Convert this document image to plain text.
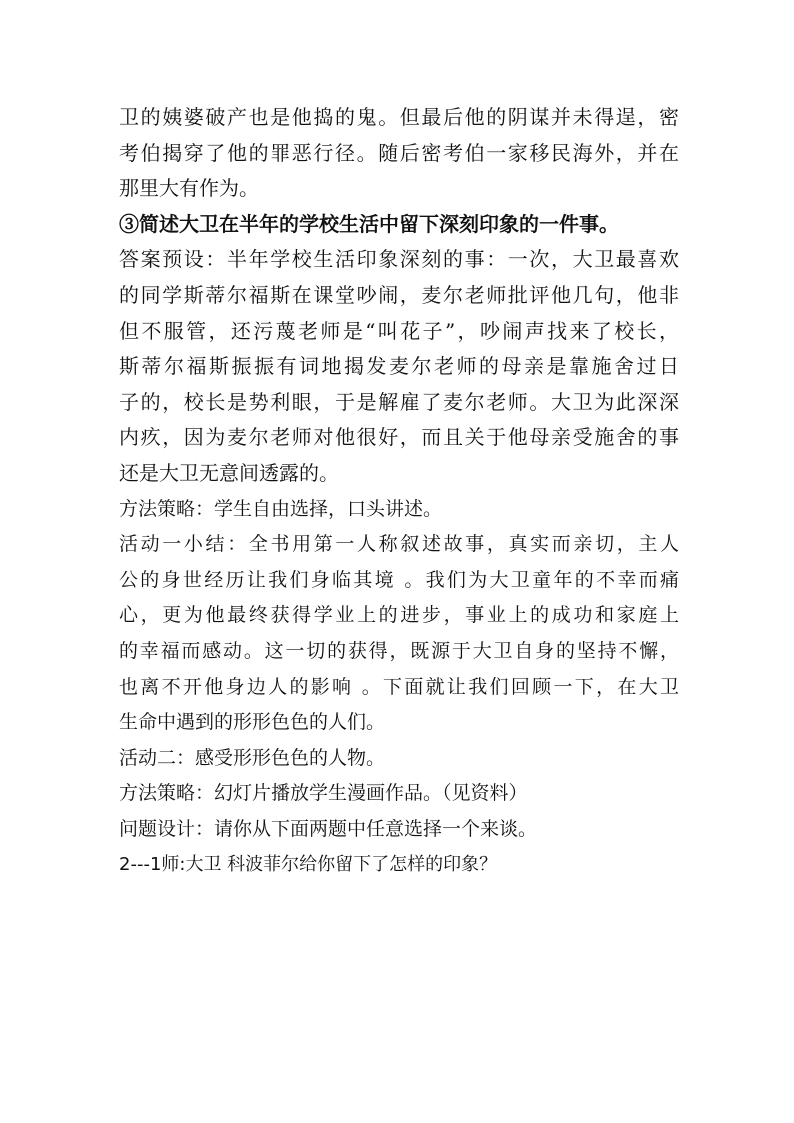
卫的姨婆破产也是他捣的鬼。但最后他的阴谋并未得逞，密
考伯揭穿了他的罪恶行径。随后密考伯一家移民海外，并在
那里大有作为。
③简述大卫在半年的学校生活中留下深刻印象的一件事。
答案预设：半年学校生活印象深刻的事：一次，大卫最喜欢
的同学斯蒂尔福斯在课堂吵闹，麦尔老师批评他几句，他非
但不服管，还污蔑老师是“叫花子”，吵闹声找来了校长，
斯蒂尔福斯振振有词地揭发麦尔老师的母亲是靠施舍过日
子的，校长是势利眼，于是解雇了麦尔老师。大卫为此深深
内疚，因为麦尔老师对他很好，而且关于他母亲受施舍的事
还是大卫无意间透露的。
方法策略：学生自由选择，口头讲述。
活动一小结：全书用第一人称叙述故事，真实而亲切，主人
公的身世经历让我们身临其境 。我们为大卫童年的不幸而痛
心，更为他最终获得学业上的进步，事业上的成功和家庭上
的幸福而感动。这一切的获得，既源于大卫自身的坚持不懈，
也离不开他身边人的影响 。下面就让我们回顾一下，在大卫
生命中遇到的形形色色的人们。
活动二：感受形形色色的人物。
方法策略：幻灯片播放学生漫画作品。（见资料）
问题设计：请你从下面两题中任意选择一个来谈。
2---1师:大卫 科波菲尔给你留下了怎样的印象？
